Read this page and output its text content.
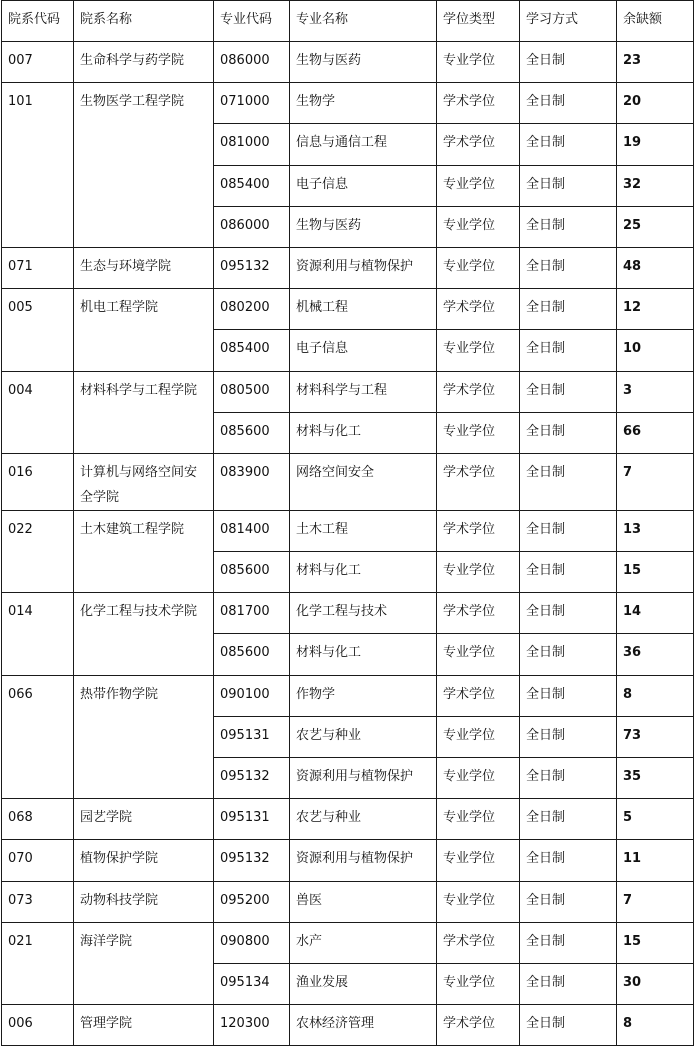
院系代码	院系名称	专业代码	专业名称	学位类型	学习方式	余缺额
007	生命科学与药学院	086000	生物与医药	专业学位	全日制	23
101	生物医学工程学院	071000	生物学	学术学位	全日制	20
		081000	信息与通信工程	学术学位	全日制	19
		085400	电子信息	专业学位	全日制	32
		086000	生物与医药	专业学位	全日制	25
071	生态与环境学院	095132	资源利用与植物保护	专业学位	全日制	48
005	机电工程学院	080200	机械工程	学术学位	全日制	12
		085400	电子信息	专业学位	全日制	10
004	材料科学与工程学院	080500	材料科学与工程	学术学位	全日制	3
		085600	材料与化工	专业学位	全日制	66
016	计算机与网络空间安全学院	083900	网络空间安全	学术学位	全日制	7
022	土木建筑工程学院	081400	土木工程	学术学位	全日制	13
		085600	材料与化工	专业学位	全日制	15
014	化学工程与技术学院	081700	化学工程与技术	学术学位	全日制	14
		085600	材料与化工	专业学位	全日制	36
066	热带作物学院	090100	作物学	学术学位	全日制	8
		095131	农艺与种业	专业学位	全日制	73
		095132	资源利用与植物保护	专业学位	全日制	35
068	园艺学院	095131	农艺与种业	专业学位	全日制	5
070	植物保护学院	095132	资源利用与植物保护	专业学位	全日制	11
073	动物科技学院	095200	兽医	专业学位	全日制	7
021	海洋学院	090800	水产	学术学位	全日制	15
		095134	渔业发展	专业学位	全日制	30
006	管理学院	120300	农林经济管理	学术学位	全日制	8
